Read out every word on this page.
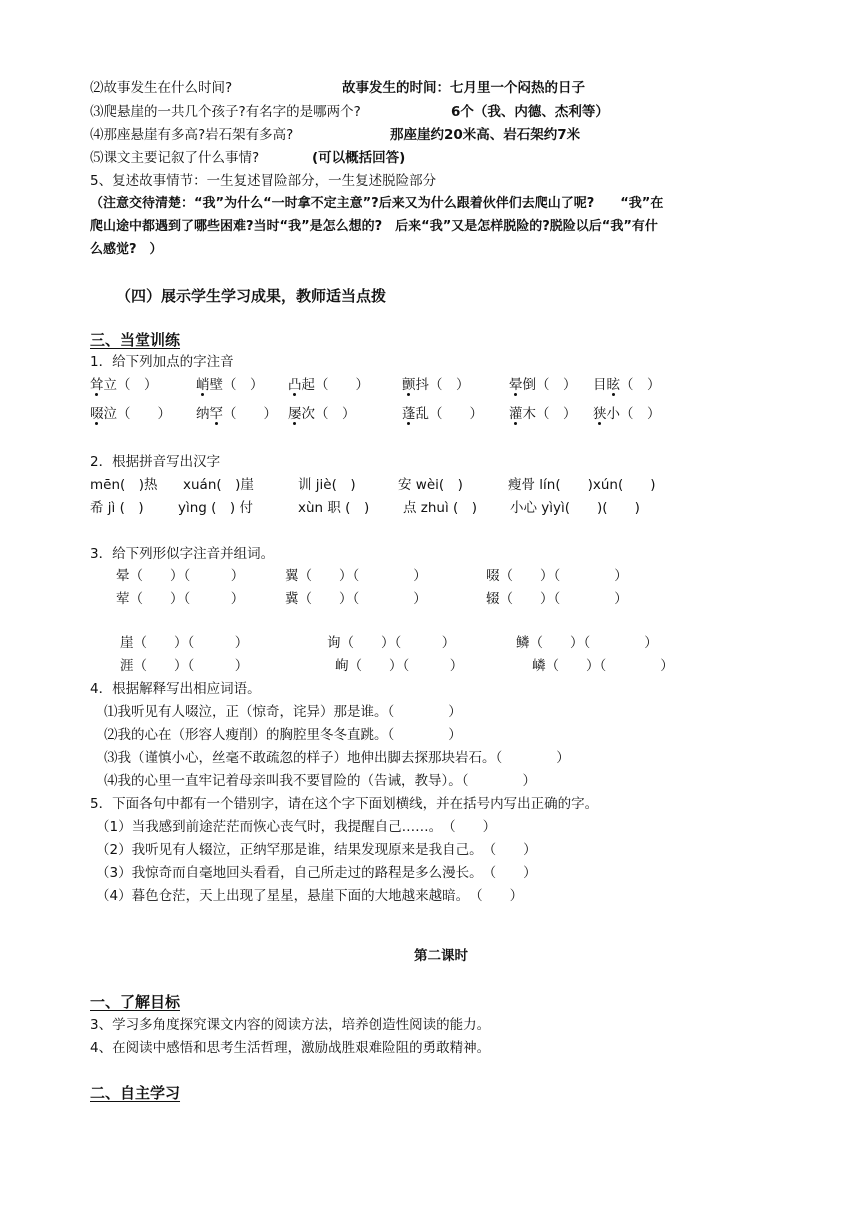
⑵故事发生在什么时间?	故事发生的时间：七月里一个闷热的日子
⑶爬悬崖的一共几个孩子?有名字的是哪两个?	6个（我、内德、杰利等）
⑷那座悬崖有多高?岩石架有多高?	那座崖约20米高、岩石架约7米
⑸课文主要记叙了什么事情?	(可以概括回答)
5、复述故事情节：一生复述冒险部分，一生复述脱险部分
（注意交待清楚：“我”为什么“一时拿不定主意”?后来又为什么跟着伙伴们去爬山了呢?　　“我”在
爬山途中都遇到了哪些困难?当时“我”是怎么想的?　后来“我”又是怎样脱险的?脱险以后“我”有什
么感觉?　）
（四）展示学生学习成果，教师适当点拨
三、当堂训练
1．给下列加点的字注音
耸立（　）	峭壁（　） 凸起（　　） 颤抖（　）	晕倒（　） 目眩（　）
啜泣（　　） 纳罕（　　） 屡次（　）	蓬乱（　　） 灌木（　） 狭小（　）
2．根据拼音写出汉字
mēn(　)热 xuán(　)崖	训 jiè(　)	安 wèi(　)	瘦骨 lín(　　)xún(　　)
希 jì (　)	yìng (　) 付	xùn 职 (　)	点 zhuì (　) 小心 yìyì(　　)(　　)
3．给下列形似字注音并组词。
晕（　　）（　　　）	翼（　　）（　　　　）	啜（　　）（　　　　）
荤（　　）（　　　）	冀（　　）（　　　　）	辍（　　）（　　　　）
崖（　　）（　　　）	询（　　）（　　　）	鳞（　　）（　　　　）
涯（　　）（　　　）	峋（　　）（　　　）	嶙（　　）（　　　　）
4．根据解释写出相应词语。
⑴我听见有人啜泣，正（惊奇，诧异）那是谁。（　　　　）
⑵我的心在（形容人瘦削）的胸腔里冬冬直跳。（　　　　）
⑶我（谨慎小心，丝毫不敢疏忽的样子）地伸出脚去探那块岩石。（　　　　）
⑷我的心里一直牢记着母亲叫我不要冒险的（告诫，教导）。（　　　　）
5．下面各句中都有一个错别字，请在这个字下面划横线，并在括号内写出正确的字。
（1）当我感到前途茫茫而恢心丧气时，我提醒自己……。　（　　）
（2）我听见有人辍泣，正纳罕那是谁，结果发现原来是我自己。　（　　）
（3）我惊奇而自毫地回头看看，自己所走过的路程是多么漫长。　（　　）
（4）暮色仓茫，天上出现了星星，悬崖下面的大地越来越暗。　（　　）
第二课时
一、了解目标
3、学习多角度探究课文内容的阅读方法，培养创造性阅读的能力。
4、在阅读中感悟和思考生活哲理，激励战胜艰难险阻的勇敢精神。
二、自主学习
